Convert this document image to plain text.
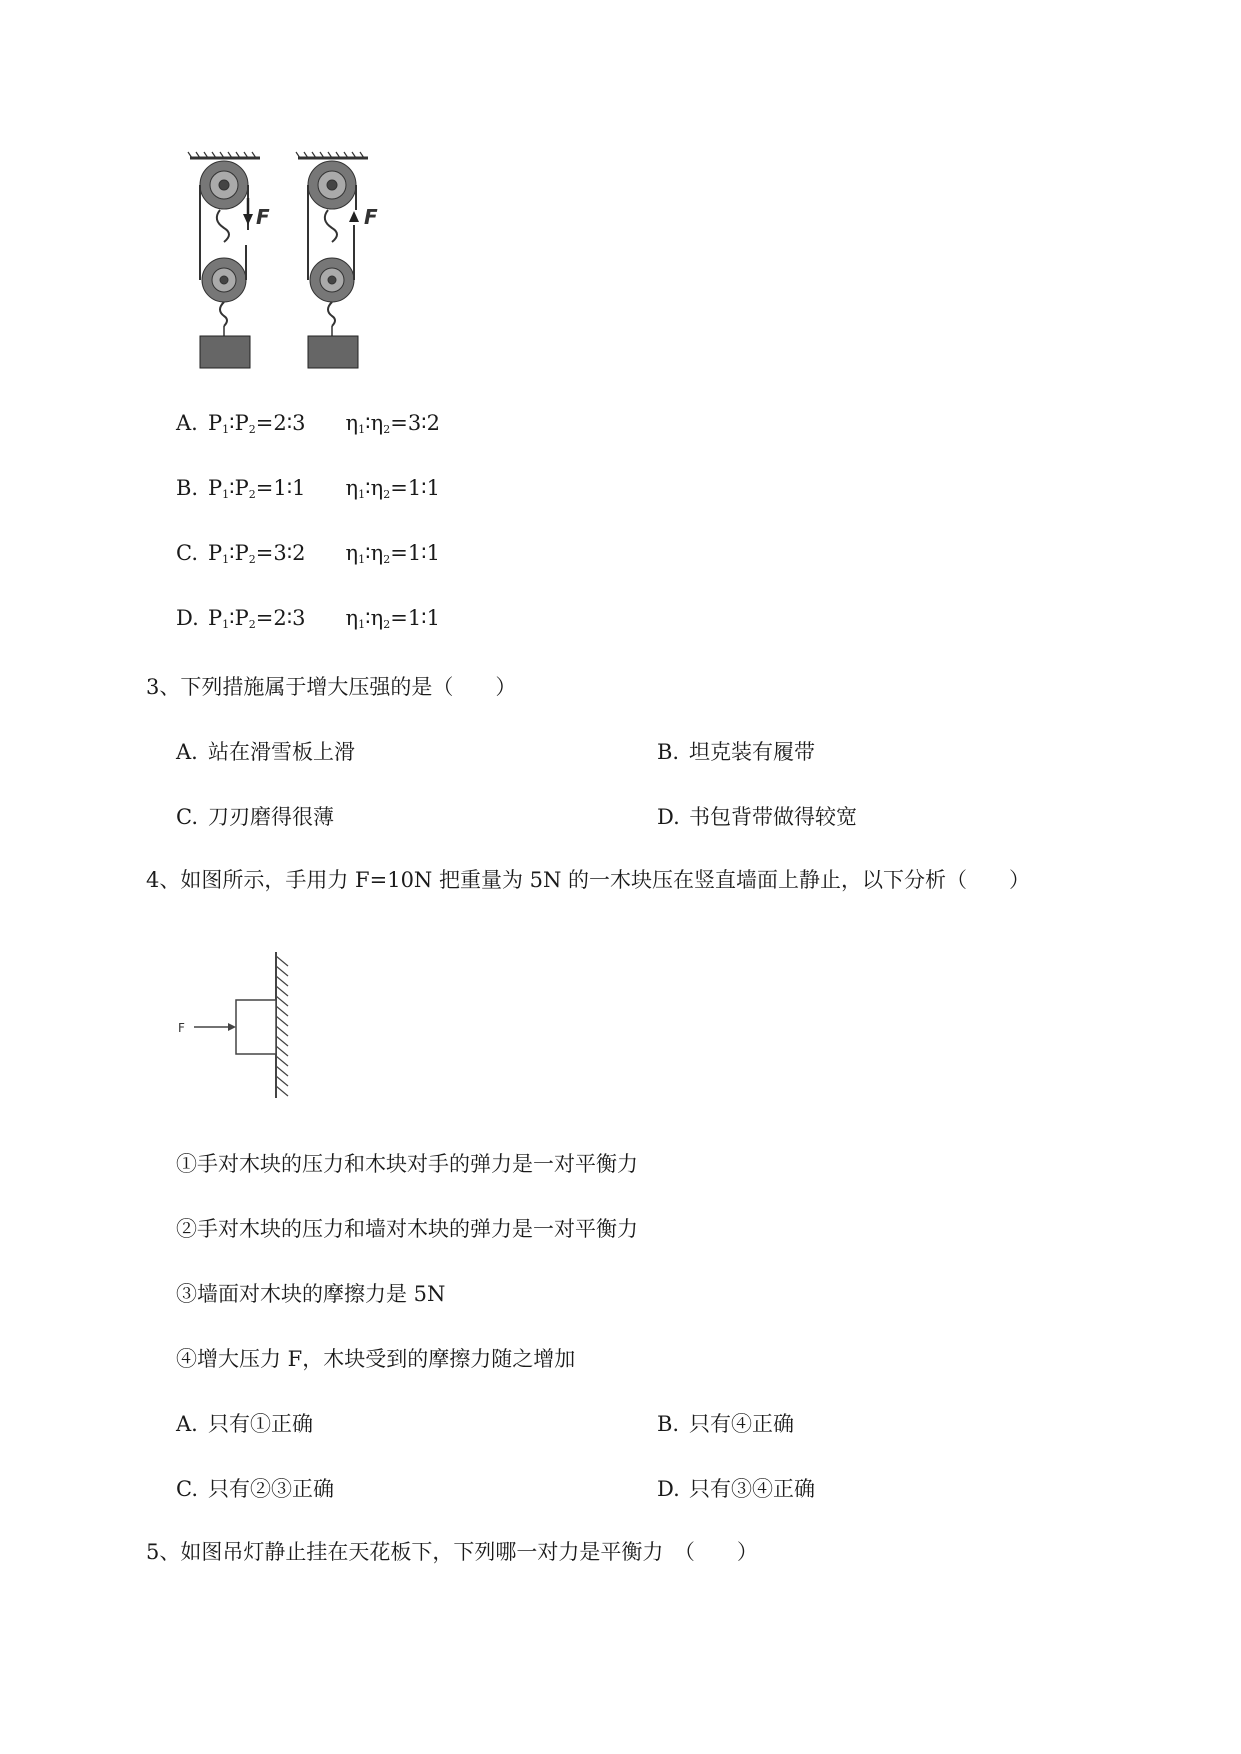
F	F
A. $P_1∶P_2=2∶3$ $\eta_1∶\eta_2=3∶2$
B. $P_1∶P_2=1∶1$ $\eta_1∶\eta_2=1∶1$
C. $P_1∶P_2=3∶2$ $\eta_1∶\eta_2=1∶1$
D. $P_1∶P_2=2∶3$ $\eta_1∶\eta_2=1∶1$
3、下列措施属于增大压强的是（　　）
A. 站在滑雪板上滑	B. 坦克装有履带
C. 刀刃磨得很薄	D. 书包背带做得较宽
4、如图所示，手用力 F=10N 把重量为 5N 的一木块压在竖直墙面上静止，以下分析（　　）
F
①手对木块的压力和木块对手的弹力是一对平衡力
②手对木块的压力和墙对木块的弹力是一对平衡力
③墙面对木块的摩擦力是 5N
④增大压力 F，木块受到的摩擦力随之增加
A. 只有①正确	B. 只有④正确
C. 只有②③正确	D. 只有③④正确
5、如图吊灯静止挂在天花板下，下列哪一对力是平衡力　（　　）
